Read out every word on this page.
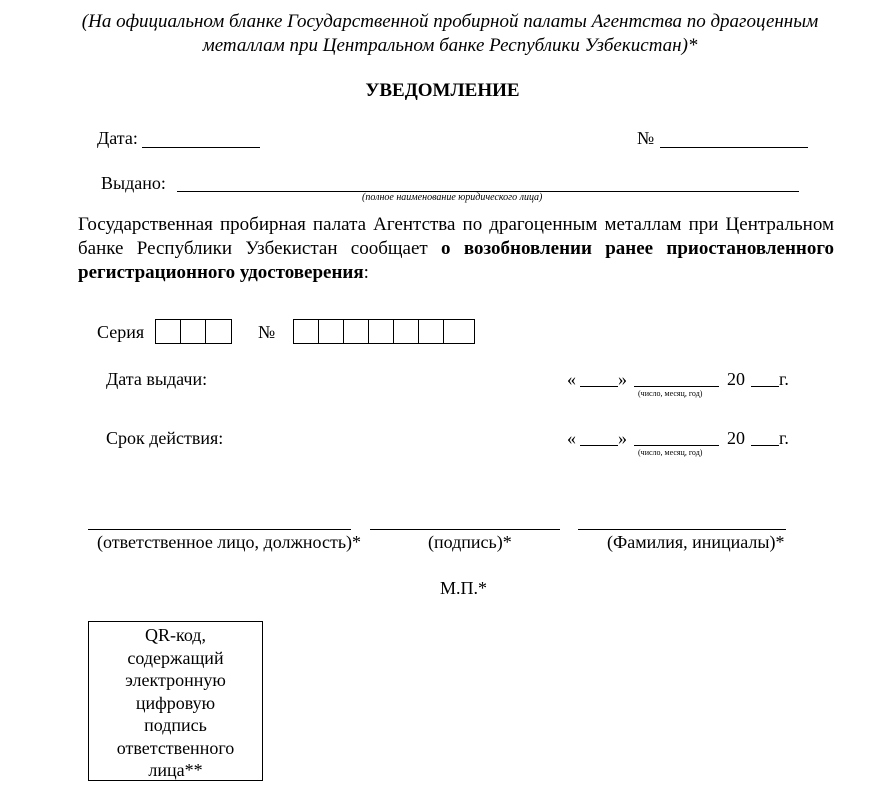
(На официальном бланке Государственной пробирной палаты Агентства по драгоценным металлам при Центральном банке Республики Узбекистан)*
УВЕДОМЛЕНИЕ
Дата:	№
Выдано:
(полное наименование юридического лица)
Государственная пробирная палата Агентства по драгоценным металлам при Центральном банке Республики Узбекистан сообщает о возобновлении ранее приостановленного регистрационного удостоверения:
Серия	№
Дата выдачи:	« »	20 г.
(число, месяц, год)
Срок действия:	« »	20 г.
(число, месяц, год)
(ответственное лицо, должность)*	(подпись)*	(Фамилия, инициалы)*
М.П.*
QR-код,
содержащий
электронную
цифровую
подпись
ответственного
лица**
